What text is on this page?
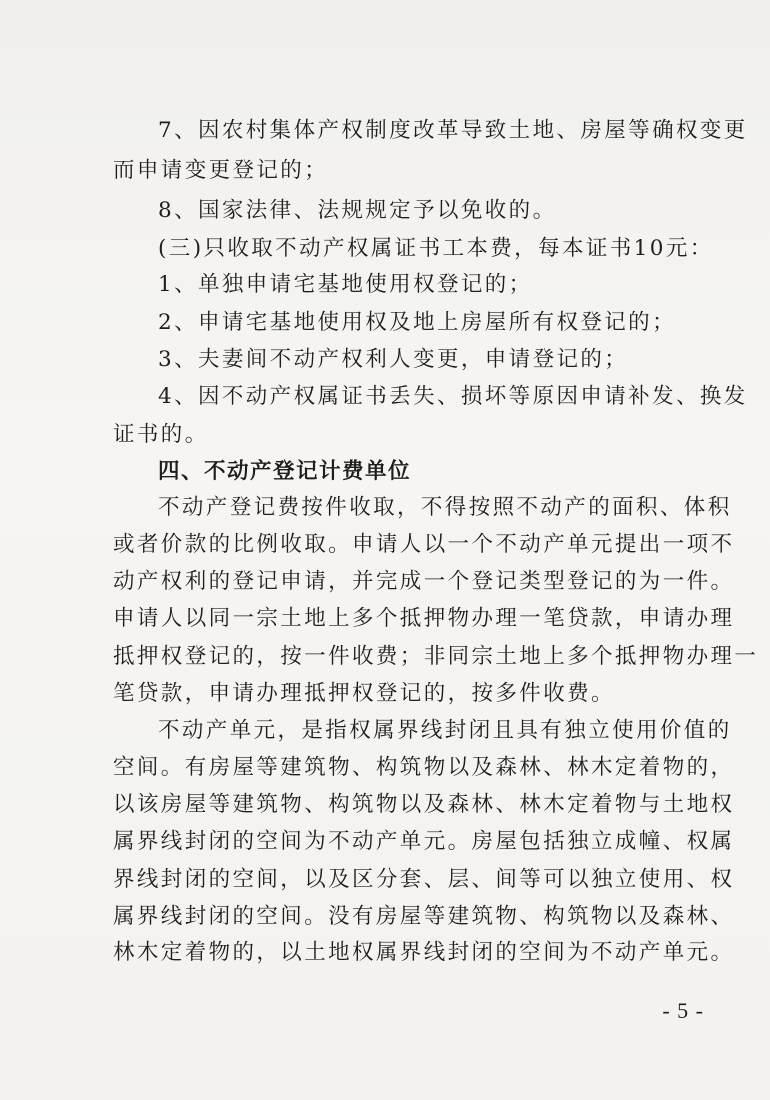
7、因农村集体产权制度改革导致土地、房屋等确权变更
而申请变更登记的；
8、国家法律、法规规定予以免收的。
(三)只收取不动产权属证书工本费，每本证书10元：
1、单独申请宅基地使用权登记的；
2、申请宅基地使用权及地上房屋所有权登记的；
3、夫妻间不动产权利人变更，申请登记的；
4、因不动产权属证书丢失、损坏等原因申请补发、换发
证书的。
四、不动产登记计费单位
不动产登记费按件收取，不得按照不动产的面积、体积
或者价款的比例收取。申请人以一个不动产单元提出一项不
动产权利的登记申请，并完成一个登记类型登记的为一件。
申请人以同一宗土地上多个抵押物办理一笔贷款，申请办理
抵押权登记的，按一件收费；非同宗土地上多个抵押物办理一
笔贷款，申请办理抵押权登记的，按多件收费。
不动产单元，是指权属界线封闭且具有独立使用价值的
空间。有房屋等建筑物、构筑物以及森林、林木定着物的，
以该房屋等建筑物、构筑物以及森林、林木定着物与土地权
属界线封闭的空间为不动产单元。房屋包括独立成幢、权属
界线封闭的空间，以及区分套、层、间等可以独立使用、权
属界线封闭的空间。没有房屋等建筑物、构筑物以及森林、
林木定着物的，以土地权属界线封闭的空间为不动产单元。
- 5 -
